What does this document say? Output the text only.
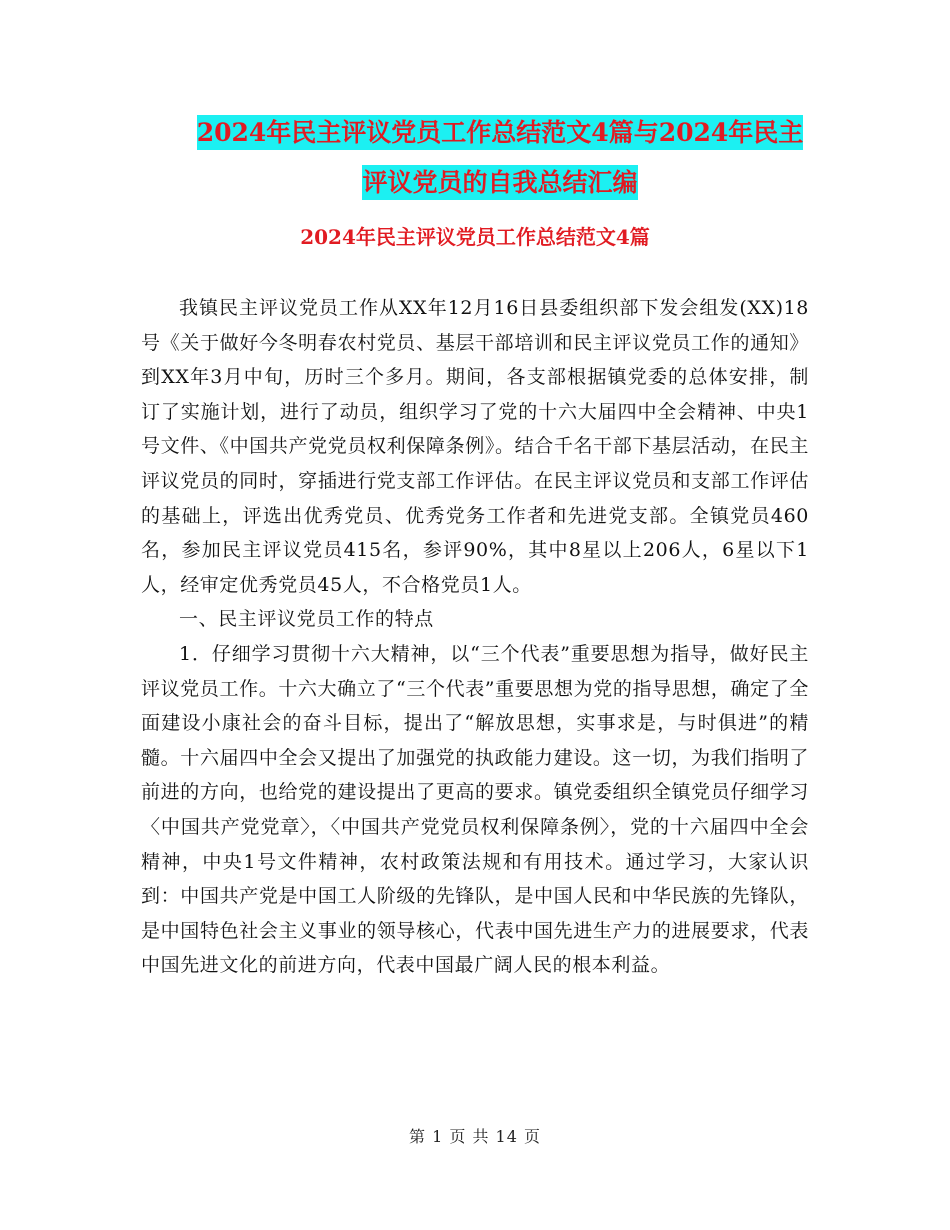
2024年民主评议党员工作总结范文4篇与2024年民主
评议党员的自我总结汇编
2024年民主评议党员工作总结范文4篇

我镇民主评议党员工作从XX年12月16日县委组织部下发会组发(XX)18号《关于做好今冬明春农村党员、基层干部培训和民主评议党员工作的通知》到XX年3月中旬，历时三个多月。期间，各支部根据镇党委的总体安排，制订了实施计划，进行了动员，组织学习了党的十六大届四中全会精神、中央1号文件、《中国共产党党员权利保障条例》。结合千名干部下基层活动，在民主评议党员的同时，穿插进行党支部工作评估。在民主评议党员和支部工作评估的基础上，评选出优秀党员、优秀党务工作者和先进党支部。全镇党员460名，参加民主评议党员415名，参评90%，其中8星以上206人，6星以下1人，经审定优秀党员45人，不合格党员1人。

一、民主评议党员工作的特点

1．仔细学习贯彻十六大精神，以“三个代表”重要思想为指导，做好民主评议党员工作。十六大确立了“三个代表”重要思想为党的指导思想，确定了全面建设小康社会的奋斗目标，提出了“解放思想，实事求是，与时俱进”的精髓。十六届四中全会又提出了加强党的执政能力建设。这一切，为我们指明了前进的方向，也给党的建设提出了更高的要求。镇党委组织全镇党员仔细学习〈中国共产党党章〉，〈中国共产党党员权利保障条例〉，党的十六届四中全会精神，中央1号文件精神，农村政策法规和有用技术。通过学习，大家认识到：中国共产党是中国工人阶级的先锋队，是中国人民和中华民族的先锋队，是中国特色社会主义事业的领导核心，代表中国先进生产力的进展要求，代表中国先进文化的前进方向，代表中国最广阔人民的根本利益。

第 1 页 共 14 页
